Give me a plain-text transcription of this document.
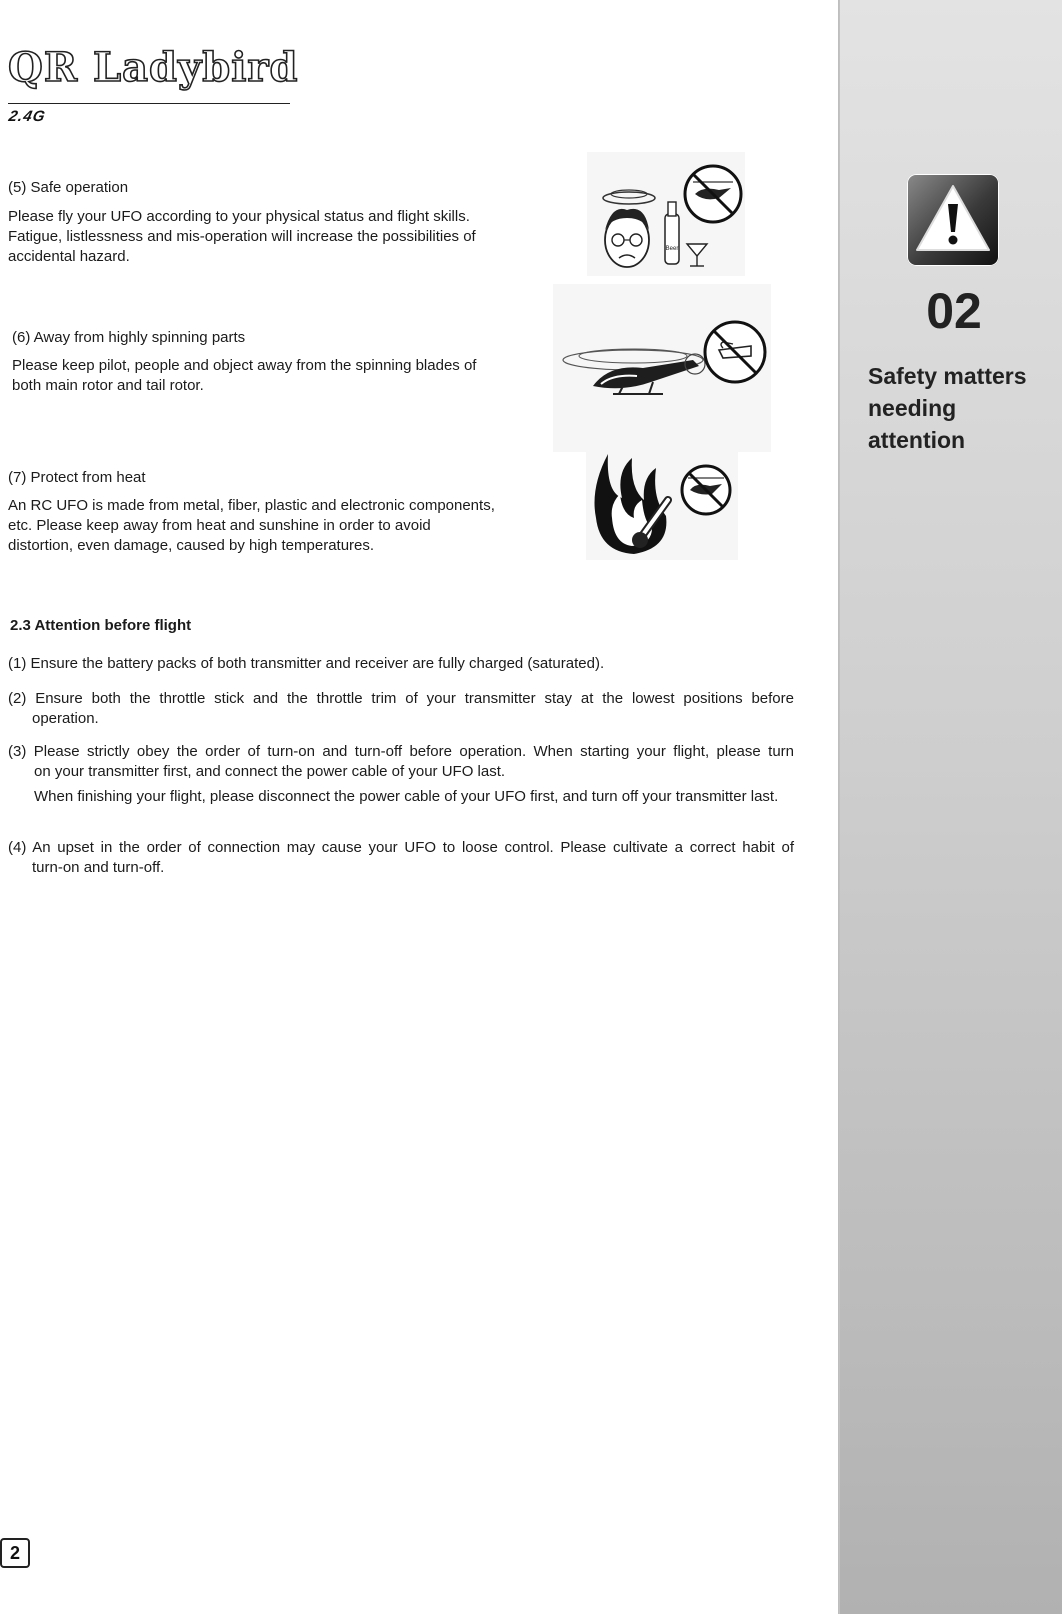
QR Ladybird
2.4G
(5) Safe operation
Please fly your UFO according to your physical status and flight skills. Fatigue, listlessness and mis-operation will increase the possibilities of accidental hazard.
(6) Away from highly spinning parts
Please keep pilot, people and object away from the spinning blades of both main rotor and tail rotor.
(7) Protect from heat
An RC UFO is made from metal, fiber, plastic and electronic components, etc. Please keep away from heat and sunshine in order to avoid distortion, even damage, caused by high temperatures.
Beer
2.3 Attention before flight
(1) Ensure the battery packs of both transmitter and receiver are fully charged (saturated).
(2) Ensure both the throttle stick and the throttle trim of your transmitter stay at the lowest positions before
operation.
(3) Please strictly obey the order of turn-on and turn-off before operation. When starting your flight, please turn
on your transmitter first, and connect the power cable of your UFO last.
When finishing your flight, please disconnect the power cable of your UFO first, and turn off your transmitter last.
(4) An upset in the order of connection may cause your UFO to loose control. Please cultivate a correct habit of
turn-on and turn-off.
02
Safety matters needing attention
2
